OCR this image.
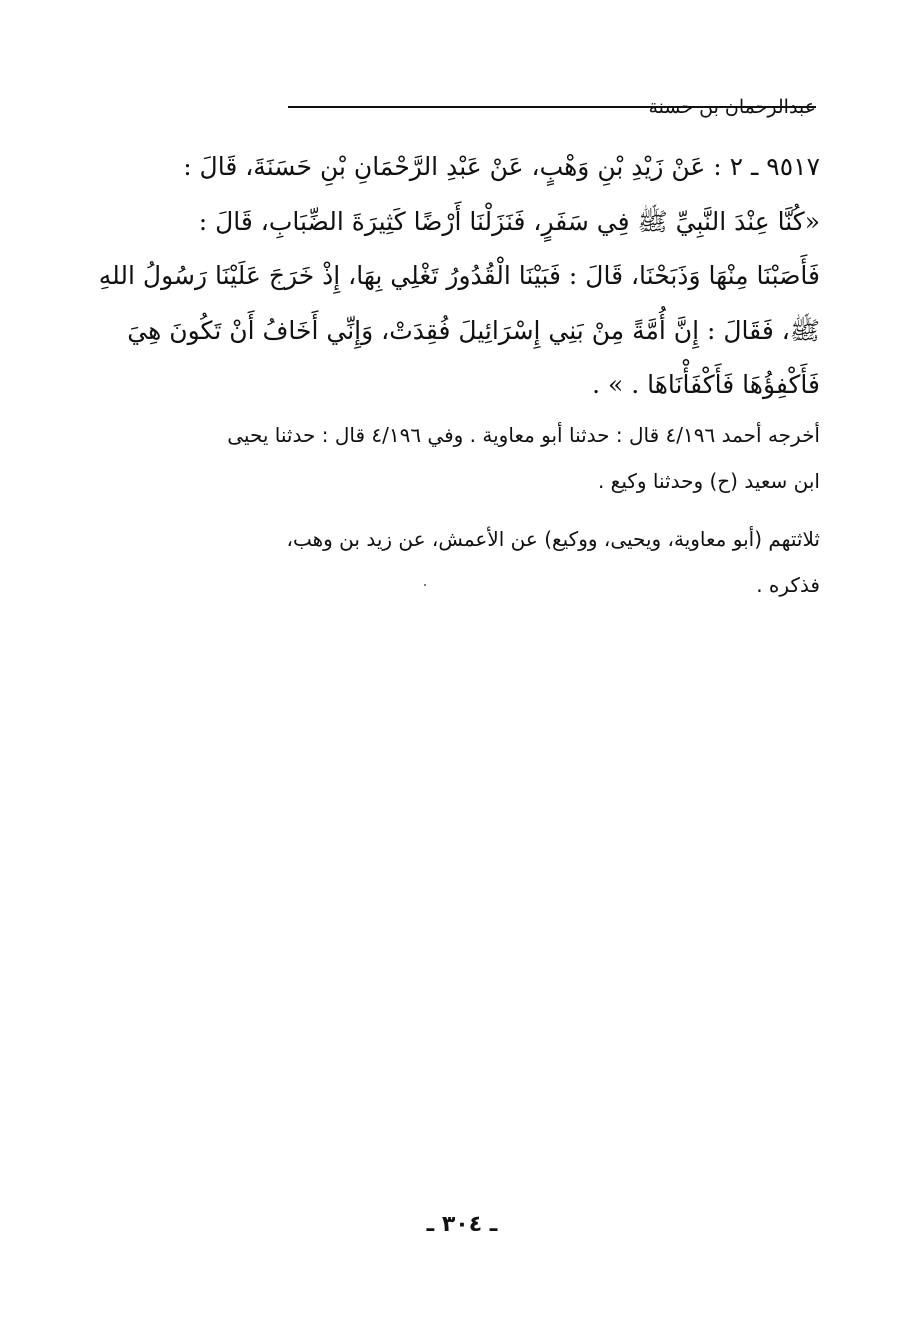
عبدالرحمان بن حسنة
٩٥١٧ ـ ٢ : عَنْ زَيْدِ بْنِ وَهْبٍ، عَنْ عَبْدِ الرَّحْمَانِ بْنِ حَسَنَةَ، قَالَ :
«كُنَّا عِنْدَ النَّبِيِّ ﷺ فِي سَفَرٍ، فَنَزَلْنَا أَرْضًا كَثِيرَةَ الضِّبَابِ، قَالَ :
فَأَصَبْنَا مِنْهَا وَذَبَحْنَا، قَالَ : فَبَيْنَا الْقُدُورُ تَغْلِي بِهَا، إِذْ خَرَجَ عَلَيْنَا رَسُولُ اللهِ
ﷺ، فَقَالَ : إِنَّ أُمَّةً مِنْ بَنِي إِسْرَائِيلَ فُقِدَتْ، وَإِنِّي أَخَافُ أَنْ تَكُونَ هِيَ
فَأَكْفِؤُهَا فَأَكْفَأْنَاهَا . » .

أخرجه أحمد ٤/١٩٦ قال : حدثنا أبو معاوية . وفي ٤/١٩٦ قال : حدثنا يحيى
ابن سعيد (ح) وحدثنا وكيع .

ثلاثتهم (أبو معاوية، ويحيى، ووكيع) عن الأعمش، عن زيد بن وهب،
فذكره .

ـ ٣٠٤ ـ
